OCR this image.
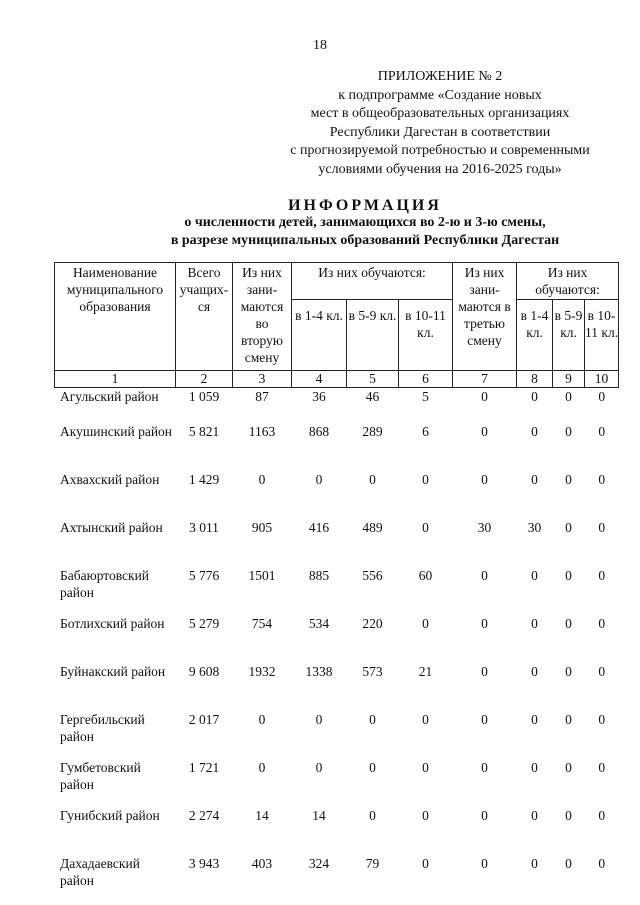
18
ПРИЛОЖЕНИЕ № 2
к подпрограмме «Создание новых
мест в общеобразовательных организациях
Республики Дагестан в соответствии
с прогнозируемой потребностью и современными
условиями обучения на 2016-2025 годы»
ИНФОРМАЦИЯ
о численности детей, занимающихся во 2-ю и 3-ю смены,
в разрезе муниципальных образований Республики Дагестан
Наименование муниципального образования	Всего учащих-ся	Из них зани-маются во вторую смену	Из них обучаются:			Из них зани-маются в третью смену	Из них обучаются:		
			в 1-4 кл.	в 5-9 кл.	в 10-11 кл.		в 1-4 кл.	в 5-9 кл.	в 10-11 кл.
1	2	3	4	5	6	7	8	9	10
Агульский район	1 059	87	36	46	5	0	0	0	0
Акушинский район	5 821	1163	868	289	6	0	0	0	0
Ахвахский район	1 429	0	0	0	0	0	0	0	0
Ахтынский район	3 011	905	416	489	0	30	30	0	0
Бабаюртовский район	5 776	1501	885	556	60	0	0	0	0
Ботлихский район	5 279	754	534	220	0	0	0	0	0
Буйнакский район	9 608	1932	1338	573	21	0	0	0	0
Гергебильский район	2 017	0	0	0	0	0	0	0	0
Гумбетовский район	1 721	0	0	0	0	0	0	0	0
Гунибский район	2 274	14	14	0	0	0	0	0	0
Дахадаевский район	3 943	403	324	79	0	0	0	0	0
